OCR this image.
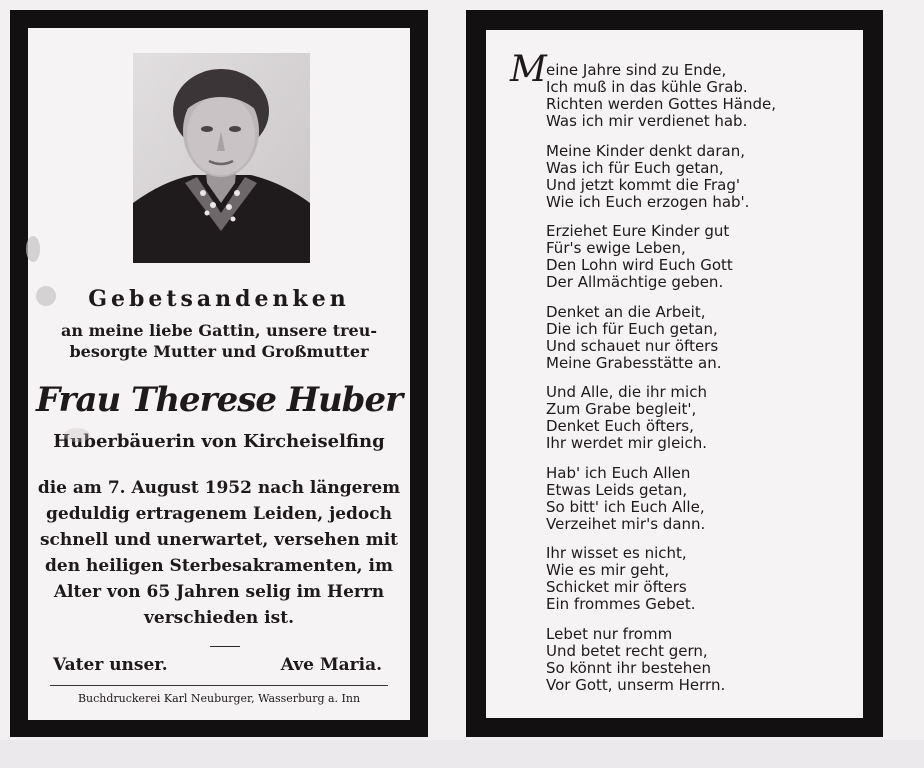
Gebetsandenken
an meine liebe Gattin, unsere treu-
besorgte Mutter und Großmutter
Frau Therese Huber
Huberbäuerin von Kircheiselfing
die am 7. August 1952 nach längerem
geduldig ertragenem Leiden, jedoch
schnell und unerwartet, versehen mit
den heiligen Sterbesakramenten, im
Alter von 65 Jahren selig im Herrn
verschieden ist.
Vater unser.	Ave Maria.
Buchdruckerei Karl Neuburger, Wasserburg a. Inn
M eine Jahre sind zu Ende,
Ich muß in das kühle Grab.
Richten werden Gottes Hände,
Was ich mir verdienet hab.
Meine Kinder denkt daran,
Was ich für Euch getan,
Und jetzt kommt die Frag'
Wie ich Euch erzogen hab'.
Erziehet Eure Kinder gut
Für's ewige Leben,
Den Lohn wird Euch Gott
Der Allmächtige geben.
Denket an die Arbeit,
Die ich für Euch getan,
Und schauet nur öfters
Meine Grabesstätte an.
Und Alle, die ihr mich
Zum Grabe begleit',
Denket Euch öfters,
Ihr werdet mir gleich.
Hab' ich Euch Allen
Etwas Leids getan,
So bitt' ich Euch Alle,
Verzeihet mir's dann.
Ihr wisset es nicht,
Wie es mir geht,
Schicket mir öfters
Ein frommes Gebet.
Lebet nur fromm
Und betet recht gern,
So könnt ihr bestehen
Vor Gott, unserm Herrn.
